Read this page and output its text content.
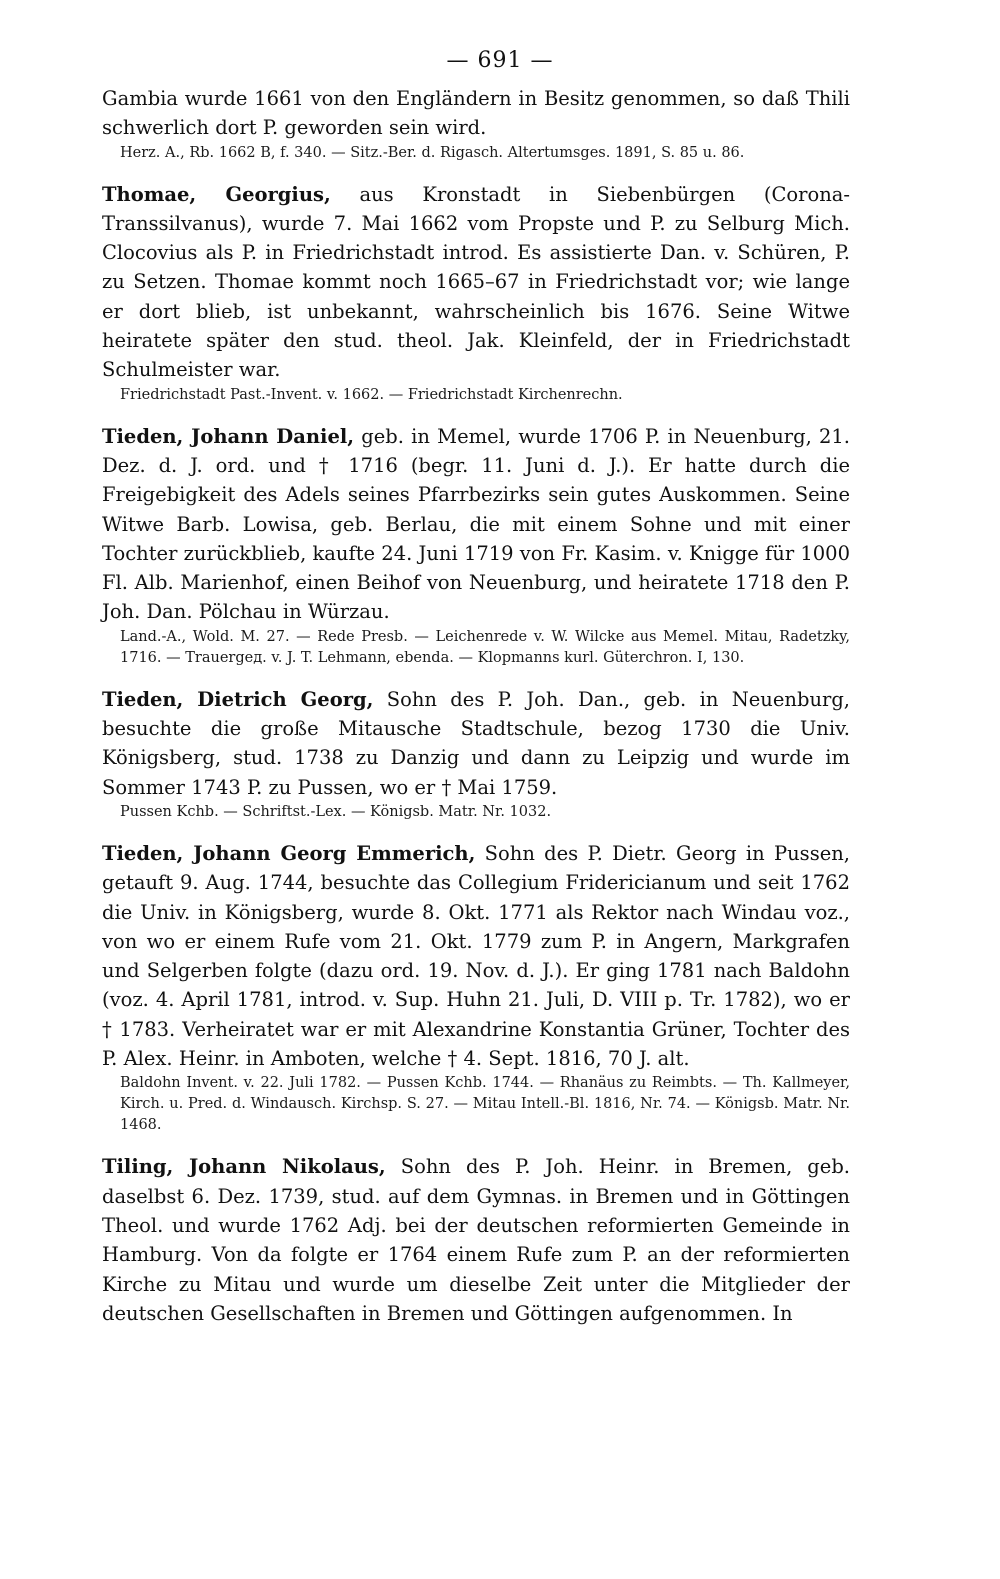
— 691 —

Gambia wurde 1661 von den Engländern in Besitz genommen, so daß Thili schwerlich dort P. geworden sein wird.

Herz. A., Rb. 1662 B, f. 340. — Sitz.-Ber. d. Rigasch. Altertumsges. 1891, S. 85 u. 86.

Thomae, Georgius, aus Kronstadt in Siebenbürgen (Corona-Transsilvanus), wurde 7. Mai 1662 vom Propste und P. zu Selburg Mich. Clocovius als P. in Friedrichstadt introd. Es assistierte Dan. v. Schüren, P. zu Setzen. Thomae kommt noch 1665–67 in Friedrichstadt vor; wie lange er dort blieb, ist unbekannt, wahrscheinlich bis 1676. Seine Witwe heiratete später den stud. theol. Jak. Kleinfeld, der in Friedrichstadt Schulmeister war.

Friedrichstadt Past.-Invent. v. 1662. — Friedrichstadt Kirchenrechn.

Tieden, Johann Daniel, geb. in Memel, wurde 1706 P. in Neuenburg, 21. Dez. d. J. ord. und † 1716 (begr. 11. Juni d. J.). Er hatte durch die Freigebigkeit des Adels seines Pfarrbezirks sein gutes Auskommen. Seine Witwe Barb. Lowisa, geb. Berlau, die mit einem Sohne und mit einer Tochter zurückblieb, kaufte 24. Juni 1719 von Fr. Kasim. v. Knigge für 1000 Fl. Alb. Marienhof, einen Beihof von Neuenburg, und heiratete 1718 den P. Joh. Dan. Pölchau in Würzau.

Land.-A., Wold. M. 27. — Rede Presb. — Leichenrede v. W. Wilcke aus Memel. Mitau, Radetzky, 1716. — Trauergед. v. J. T. Lehmann, ebenda. — Klopmanns kurl. Güterchron. I, 130.

Tieden, Dietrich Georg, Sohn des P. Joh. Dan., geb. in Neuenburg, besuchte die große Mitausche Stadtschule, bezog 1730 die Univ. Königsberg, stud. 1738 zu Danzig und dann zu Leipzig und wurde im Sommer 1743 P. zu Pussen, wo er † Mai 1759.

Pussen Kchb. — Schriftst.-Lex. — Königsb. Matr. Nr. 1032.

Tieden, Johann Georg Emmerich, Sohn des P. Dietr. Georg in Pussen, getauft 9. Aug. 1744, besuchte das Collegium Fridericianum und seit 1762 die Univ. in Königsberg, wurde 8. Okt. 1771 als Rektor nach Windau voz., von wo er einem Rufe vom 21. Okt. 1779 zum P. in Angern, Markgrafen und Selgerben folgte (dazu ord. 19. Nov. d. J.). Er ging 1781 nach Baldohn (voz. 4. April 1781, introd. v. Sup. Huhn 21. Juli, D. VIII p. Tr. 1782), wo er † 1783. Verheiratet war er mit Alexandrine Konstantia Grüner, Tochter des P. Alex. Heinr. in Amboten, welche † 4. Sept. 1816, 70 J. alt.

Baldohn Invent. v. 22. Juli 1782. — Pussen Kchb. 1744. — Rhanäus zu Reimbts. — Th. Kallmeyer, Kirch. u. Pred. d. Windausch. Kirchsp. S. 27. — Mitau Intell.-Bl. 1816, Nr. 74. — Königsb. Matr. Nr. 1468.

Tiling, Johann Nikolaus, Sohn des P. Joh. Heinr. in Bremen, geb. daselbst 6. Dez. 1739, stud. auf dem Gymnas. in Bremen und in Göttingen Theol. und wurde 1762 Adj. bei der deutschen reformierten Gemeinde in Hamburg. Von da folgte er 1764 einem Rufe zum P. an der reformierten Kirche zu Mitau und wurde um dieselbe Zeit unter die Mitglieder der deutschen Gesellschaften in Bremen und Göttingen aufgenommen. In
